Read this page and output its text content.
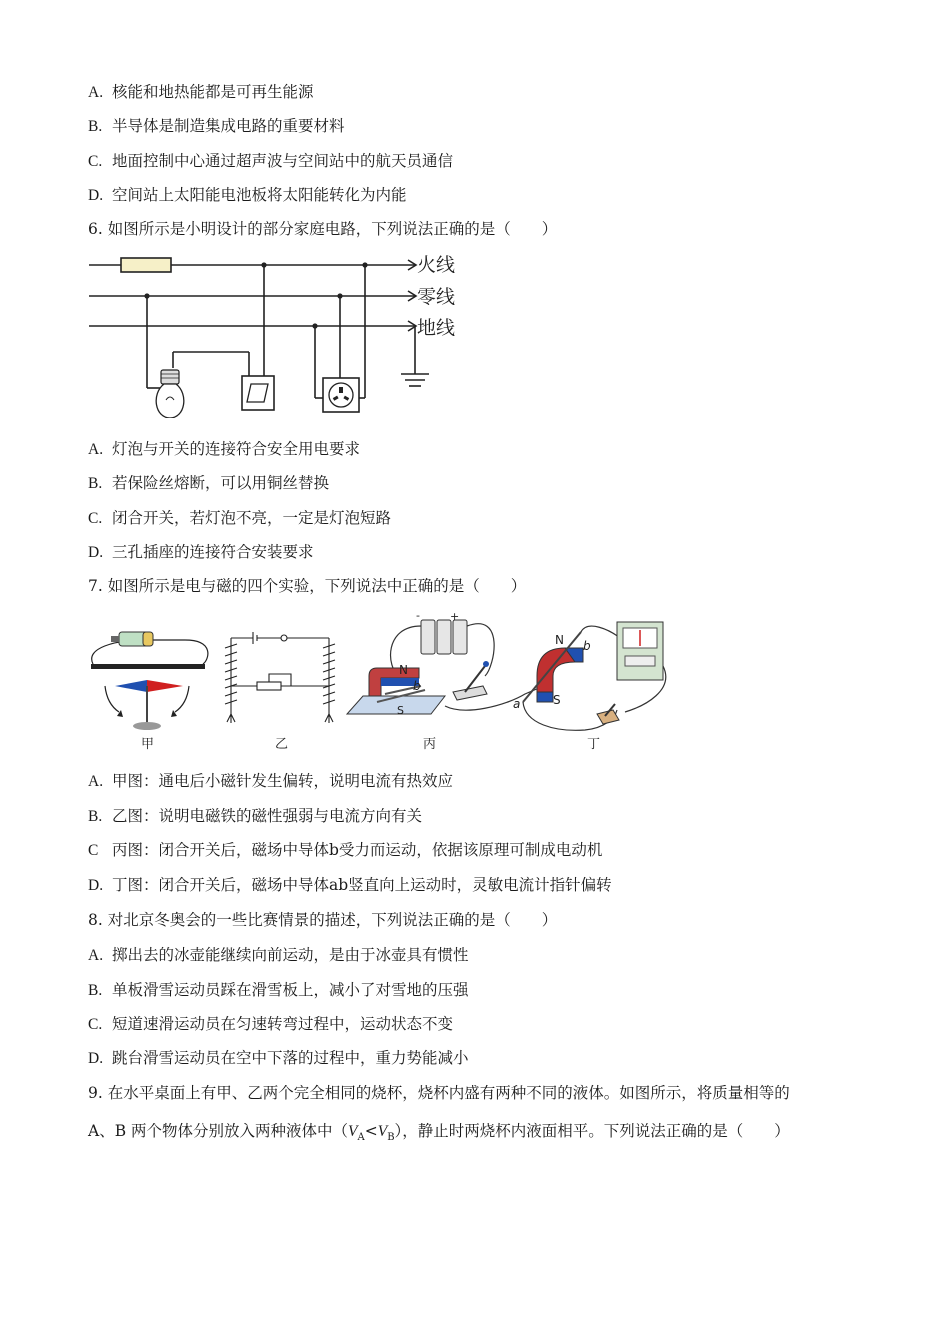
A. 核能和地热能都是可再生能源
B. 半导体是制造集成电路的重要材料
C. 地面控制中心通过超声波与空间站中的航天员通信
D. 空间站上太阳能电池板将太阳能转化为内能
6. 如图所示是小明设计的部分家庭电路，下列说法正确的是（　　）
火线
零线
地线
A. 灯泡与开关的连接符合安全用电要求
B. 若保险丝熔断，可以用铜丝替换
C. 闭合开关，若灯泡不亮，一定是灯泡短路
D. 三孔插座的连接符合安装要求
7. 如图所示是电与磁的四个实验，下列说法中正确的是（　　）
甲	乙
-	+
N
S
b
丙
N
S
b
a
丁
A. 甲图：通电后小磁针发生偏转，说明电流有热效应
B. 乙图：说明电磁铁的磁性强弱与电流方向有关
C 丙图：闭合开关后，磁场中导体b受力而运动，依据该原理可制成电动机
D. 丁图：闭合开关后，磁场中导体ab竖直向上运动时，灵敏电流计指针偏转
8. 对北京冬奥会的一些比赛情景的描述，下列说法正确的是（　　）
A. 掷出去的冰壶能继续向前运动，是由于冰壶具有惯性
B. 单板滑雪运动员踩在滑雪板上，减小了对雪地的压强
C. 短道速滑运动员在匀速转弯过程中，运动状态不变
D. 跳台滑雪运动员在空中下落的过程中，重力势能减小
9. 在水平桌面上有甲、乙两个完全相同的烧杯，烧杯内盛有两种不同的液体。如图所示，将质量相等的
A、B 两个物体分别放入两种液体中$(V_A<V_B)$，静止时两烧杯内液面相平。下列说法正确的是（　　）
